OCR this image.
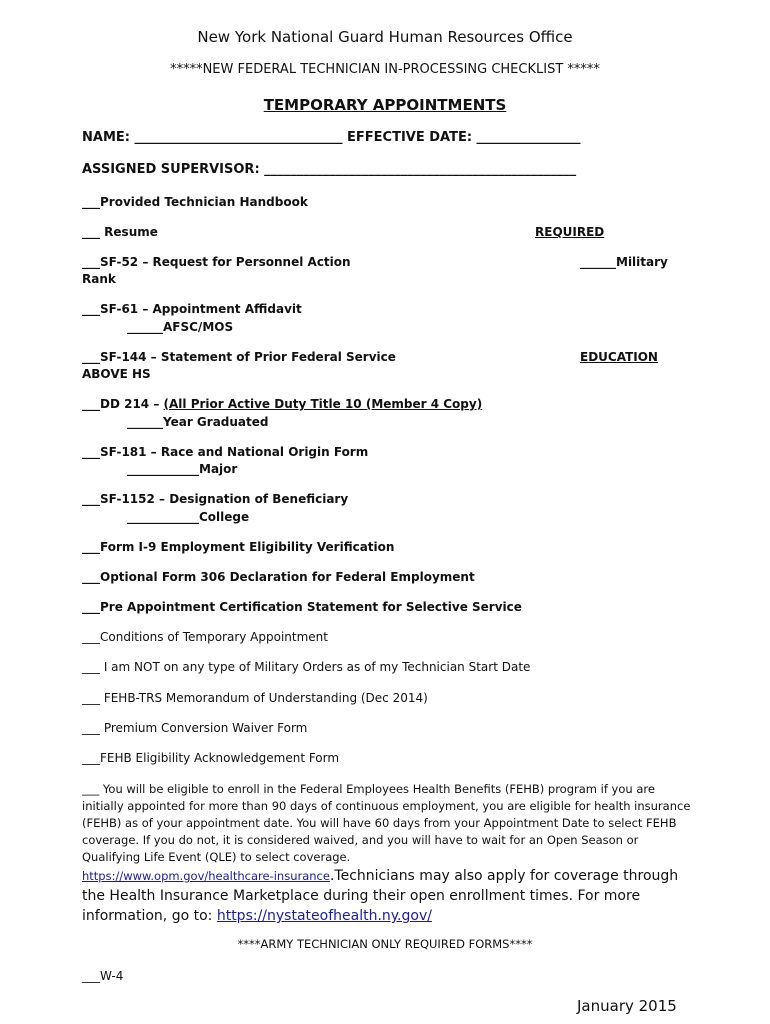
New York National Guard Human Resources Office
*****NEW FEDERAL TECHNICIAN IN-PROCESSING CHECKLIST *****
TEMPORARY APPOINTMENTS
NAME: ________________________________ EFFECTIVE DATE: ________________
ASSIGNED SUPERVISOR: ________________________________________________
___Provided Technician Handbook
___ Resume	REQUIRED
___SF-52 – Request for Personnel Action	______Military
Rank
___SF-61 – Appointment Affidavit
______AFSC/MOS
___SF-144 – Statement of Prior Federal Service	EDUCATION
ABOVE HS
___DD 214 – (All Prior Active Duty Title 10 (Member 4 Copy)
______Year Graduated
___SF-181 – Race and National Origin Form
____________Major
___SF-1152 – Designation of Beneficiary
____________College
___Form I-9 Employment Eligibility Verification
___Optional Form 306 Declaration for Federal Employment
___Pre Appointment Certification Statement for Selective Service
___Conditions of Temporary Appointment
___ I am NOT on any type of Military Orders as of my Technician Start Date
___ FEHB-TRS Memorandum of Understanding (Dec 2014)
___ Premium Conversion Waiver Form
___FEHB Eligibility Acknowledgement Form
___ You will be eligible to enroll in the Federal Employees Health Benefits (FEHB) program if you are initially appointed for more than 90 days of continuous employment, you are eligible for health insurance (FEHB) as of your appointment date. You will have 60 days from your Appointment Date to select FEHB coverage. If you do not, it is considered waived, and you will have to wait for an Open Season or Qualifying Life Event (QLE) to select coverage.
https://www.opm.gov/healthcare-insurance.Technicians may also apply for coverage through the Health Insurance Marketplace during their open enrollment times. For more information, go to: https://nystateofhealth.ny.gov/
****ARMY TECHNICIAN ONLY REQUIRED FORMS****
___W-4
January 2015
